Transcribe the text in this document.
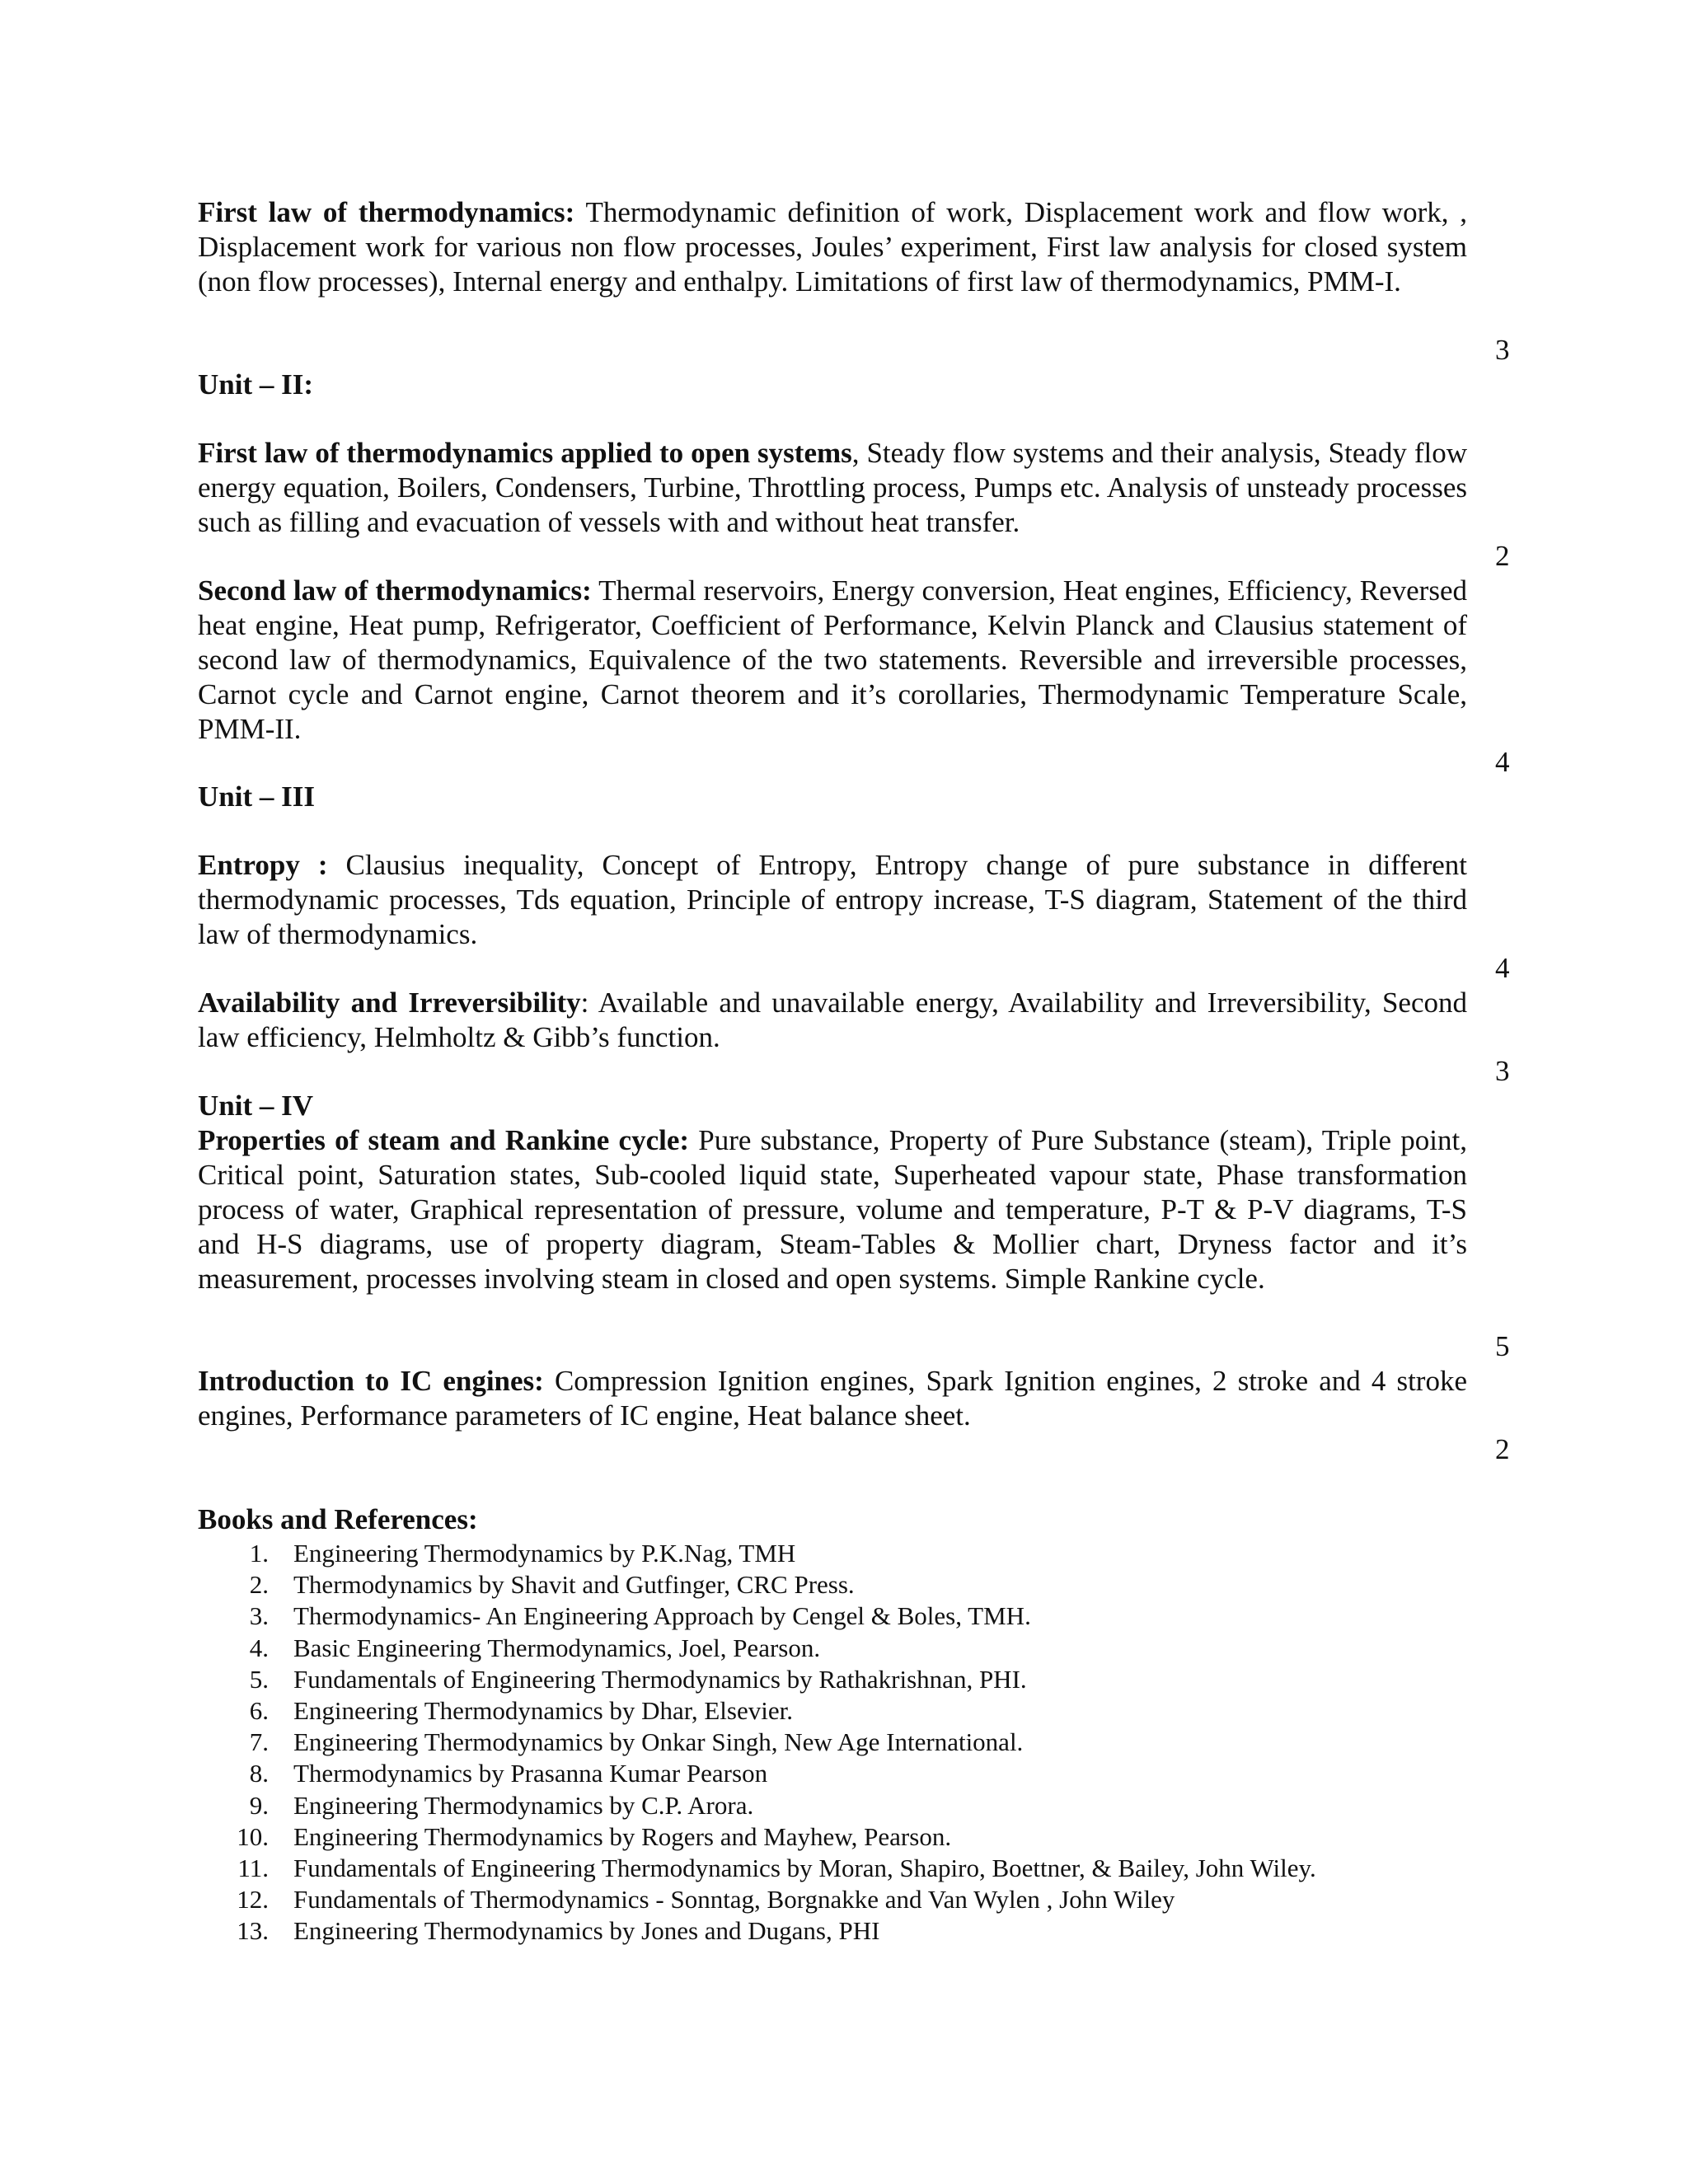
First law of thermodynamics: Thermodynamic definition of work, Displacement work and flow work, , Displacement work for various non flow processes, Joules’ experiment, First law analysis for closed system (non flow processes), Internal energy and enthalpy. Limitations of first law of thermodynamics, PMM-I.

3

Unit – II:

First law of thermodynamics applied to open systems, Steady flow systems and their analysis, Steady flow energy equation, Boilers, Condensers, Turbine, Throttling process, Pumps etc. Analysis of unsteady processes such as filling and evacuation of vessels with and without heat transfer.

2

Second law of thermodynamics: Thermal reservoirs, Energy conversion, Heat engines, Efficiency, Reversed heat engine, Heat pump, Refrigerator, Coefficient of Performance, Kelvin Planck and Clausius statement of second law of thermodynamics, Equivalence of the two statements. Reversible and irreversible processes, Carnot cycle and Carnot engine, Carnot theorem and it’s corollaries, Thermodynamic Temperature Scale, PMM-II.

4

Unit – III

Entropy : Clausius inequality, Concept of Entropy, Entropy change of pure substance in different thermodynamic processes, Tds equation, Principle of entropy increase, T-S diagram, Statement of the third law of thermodynamics.

4

Availability and Irreversibility: Available and unavailable energy, Availability and Irreversibility, Second law efficiency, Helmholtz & Gibb’s function.

3

Unit – IV

Properties of steam and Rankine cycle: Pure substance, Property of Pure Substance (steam), Triple point, Critical point, Saturation states, Sub-cooled liquid state, Superheated vapour state, Phase transformation process of water, Graphical representation of pressure, volume and temperature, P-T & P-V diagrams, T-S and H-S diagrams, use of property diagram, Steam-Tables & Mollier chart, Dryness factor and it’s measurement, processes involving steam in closed and open systems. Simple Rankine cycle.

5

Introduction to IC engines: Compression Ignition engines, Spark Ignition engines, 2 stroke and 4 stroke engines, Performance parameters of IC engine, Heat balance sheet.

2

Books and References:

1. Engineering Thermodynamics by P.K.Nag, TMH
2. Thermodynamics by Shavit and Gutfinger, CRC Press.
3. Thermodynamics- An Engineering Approach by Cengel & Boles, TMH.
4. Basic Engineering Thermodynamics, Joel, Pearson.
5. Fundamentals of Engineering Thermodynamics by Rathakrishnan, PHI.
6. Engineering Thermodynamics by Dhar, Elsevier.
7. Engineering Thermodynamics by Onkar Singh, New Age International.
8. Thermodynamics by Prasanna Kumar Pearson
9. Engineering Thermodynamics by C.P. Arora.
10. Engineering Thermodynamics by Rogers and Mayhew, Pearson.
11. Fundamentals of Engineering Thermodynamics by Moran, Shapiro, Boettner, & Bailey, John Wiley.
12. Fundamentals of Thermodynamics - Sonntag, Borgnakke and Van Wylen , John Wiley
13. Engineering Thermodynamics by Jones and Dugans, PHI
